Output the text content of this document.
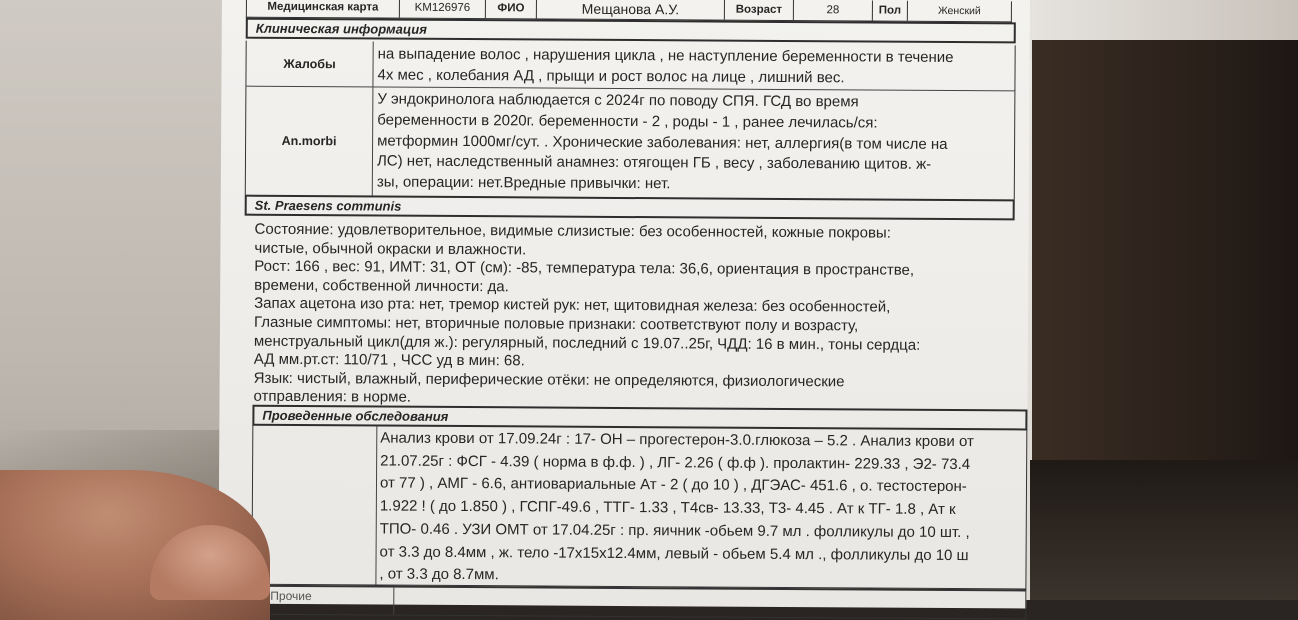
Медицинская карта	KM126976	ФИО	Мещанова А.У.	Возраст	28	Пол	Женский
Клиническая информация
Жалобы	на выпадение волос , нарушения цикла , не наступление беременности в течение
4х мес , колебания АД , прыщи и рост волос на лице , лишний вес.
An.morbi
У эндокринолога наблюдается с 2024г по поводу СПЯ. ГСД во время
беременности в 2020г. беременности - 2 , роды - 1 , ранее лечилась/ся:
метформин 1000мг/сут. . Хронические заболевания: нет, аллергия(в том числе на
ЛС) нет, наследственный анамнез: отягощен ГБ , весу , заболеванию щитов. ж-
зы, операции: нет.Вредные привычки: нет.
St. Praesens communis
Состояние: удовлетворительное, видимые слизистые: без особенностей, кожные покровы:
чистые, обычной окраски и влажности.
Рост: 166 , вес: 91, ИМТ: 31, ОТ (см): -85, температура тела: 36,6, ориентация в пространстве,
времени, собственной личности: да.
Запах ацетона изо рта: нет, тремор кистей рук: нет, щитовидная железа: без особенностей,
Глазные симптомы: нет, вторичные половые признаки: соответствуют полу и возрасту,
менструальный цикл(для ж.): регулярный, последний с 19.07..25г, ЧДД: 16 в мин., тоны сердца:
АД мм.рт.ст: 110/71 , ЧСС уд в мин: 68.
Язык: чистый, влажный, периферические отёки: не определяются, физиологические
отправления: в норме.
Проведенные обследования
Анализ крови от 17.09.24г : 17- ОН – прогестерон-3.0.глюкоза – 5.2 . Анализ крови от
21.07.25г : ФСГ - 4.39 ( норма в ф.ф. ) , ЛГ- 2.26 ( ф.ф ). пролактин- 229.33 , Э2- 73.4
от 77 ) , АМГ - 6.6, антиовариальные Ат - 2 ( до 10 ) , ДГЭАС- 451.6 , о. тестостерон-
1.922 ! ( до 1.850 ) , ГСПГ-49.6 , ТТГ- 1.33 , Т4св- 13.33, Т3- 4.45 . Ат к ТГ- 1.8 , Ат к
ТПО- 0.46 . УЗИ ОМТ от 17.04.25г : пр. яичник -обьем 9.7 мл . фолликулы до 10 шт. ,
от 3.3 до 8.4мм , ж. тело -17х15х12.4мм, левый - обьем 5.4 мл ., фолликулы до 10 ш
, от 3.3 до 8.7мм.
Прочие
